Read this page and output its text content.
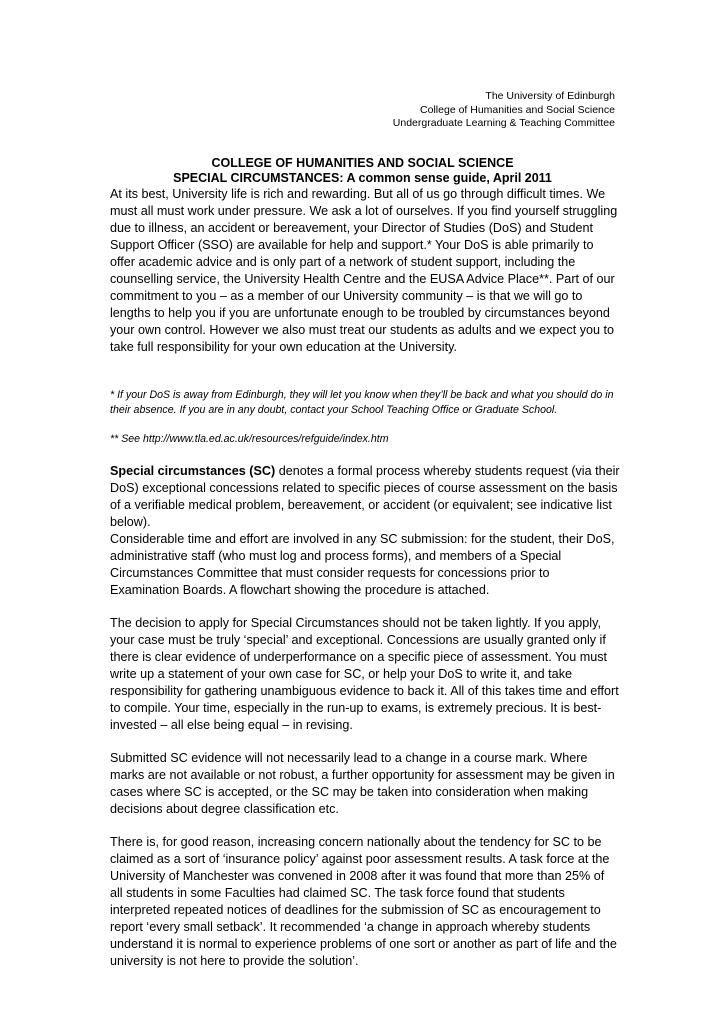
The University of Edinburgh
College of Humanities and Social Science
Undergraduate Learning & Teaching Committee
COLLEGE OF HUMANITIES AND SOCIAL SCIENCE
SPECIAL CIRCUMSTANCES: A common sense guide, April 2011

At its best, University life is rich and rewarding. But all of us go through difficult times. We must all must work under pressure. We ask a lot of ourselves. If you find yourself struggling due to illness, an accident or bereavement, your Director of Studies (DoS) and Student Support Officer (SSO) are available for help and support.* Your DoS is able primarily to offer academic advice and is only part of a network of student support, including the counselling service, the University Health Centre and the EUSA Advice Place**. Part of our commitment to you – as a member of our University community – is that we will go to lengths to help you if you are unfortunate enough to be troubled by circumstances beyond your own control. However we also must treat our students as adults and we expect you to take full responsibility for your own education at the University.

* If your DoS is away from Edinburgh, they will let you know when they’ll be back and what you should do in their absence. If you are in any doubt, contact your School Teaching Office or Graduate School.

** See http://www.tla.ed.ac.uk/resources/refguide/index.htm

Special circumstances (SC) denotes a formal process whereby students request (via their DoS) exceptional concessions related to specific pieces of course assessment on the basis of a verifiable medical problem, bereavement, or accident (or equivalent; see indicative list below).

Considerable time and effort are involved in any SC submission: for the student, their DoS, administrative staff (who must log and process forms), and members of a Special Circumstances Committee that must consider requests for concessions prior to Examination Boards. A flowchart showing the procedure is attached.

The decision to apply for Special Circumstances should not be taken lightly. If you apply, your case must be truly ‘special’ and exceptional. Concessions are usually granted only if there is clear evidence of underperformance on a specific piece of assessment. You must write up a statement of your own case for SC, or help your DoS to write it, and take responsibility for gathering unambiguous evidence to back it. All of this takes time and effort to compile. Your time, especially in the run-up to exams, is extremely precious. It is best-invested – all else being equal – in revising.

Submitted SC evidence will not necessarily lead to a change in a course mark. Where marks are not available or not robust, a further opportunity for assessment may be given in cases where SC is accepted, or the SC may be taken into consideration when making decisions about degree classification etc.

There is, for good reason, increasing concern nationally about the tendency for SC to be claimed as a sort of ‘insurance policy’ against poor assessment results. A task force at the University of Manchester was convened in 2008 after it was found that more than 25% of all students in some Faculties had claimed SC. The task force found that students interpreted repeated notices of deadlines for the submission of SC as encouragement to report ‘every small setback’. It recommended ‘a change in approach whereby students understand it is normal to experience problems of one sort or another as part of life and the university is not here to provide the solution’.
